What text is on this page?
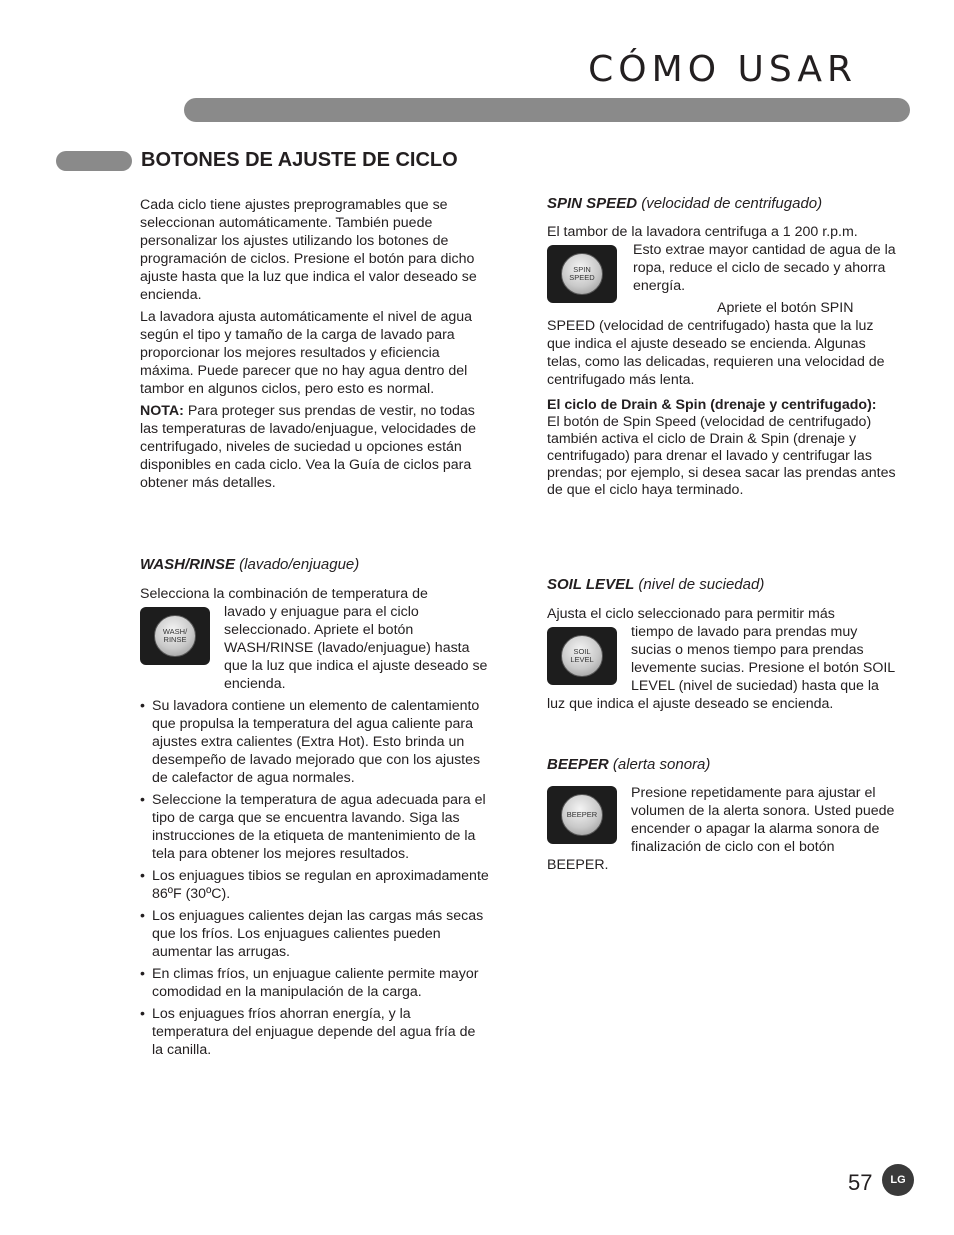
CÓMO USAR
BOTONES DE AJUSTE DE CICLO

Cada ciclo tiene ajustes preprogramables que se seleccionan automáticamente. También puede personalizar los ajustes utilizando los botones de programación de ciclos. Presione el botón para dicho ajuste hasta que la luz que indica el valor deseado se encienda.

La lavadora ajusta automáticamente el nivel de agua según el tipo y tamaño de la carga de lavado para proporcionar los mejores resultados y eficiencia máxima. Puede parecer que no hay agua dentro del tambor en algunos ciclos, pero esto es normal.

NOTA: Para proteger sus prendas de vestir, no todas las temperaturas de lavado/enjuague, velocidades de centrifugado, niveles de suciedad u opciones están disponibles en cada ciclo. Vea la Guía de ciclos para obtener más detalles.

WASH/RINSE (lavado/enjuague)

Selecciona la combinación de temperatura de

WASH/ RINSE

lavado y enjuague para el ciclo seleccionado. Apriete el botón WASH/RINSE (lavado/enjuague) hasta que la luz que indica el ajuste deseado se encienda.

• Su lavadora contiene un elemento de calentamiento que propulsa la temperatura del agua caliente para ajustes extra calientes (Extra Hot). Esto brinda un desempeño de lavado mejorado que con los ajustes de calefactor de agua normales.
• Seleccione la temperatura de agua adecuada para el tipo de carga que se encuentra lavando. Siga las instrucciones de la etiqueta de mantenimiento de la tela para obtener los mejores resultados.
• Los enjuagues tibios se regulan en aproximadamente 86ºF (30ºC).
• Los enjuagues calientes dejan las cargas más secas que los fríos. Los enjuagues calientes pueden aumentar las arrugas.
• En climas fríos, un enjuague caliente permite mayor comodidad en la manipulación de la carga.
• Los enjuagues fríos ahorran energía, y la temperatura del enjuague depende del agua fría de la canilla.
SPIN SPEED (velocidad de centrifugado)

El tambor de la lavadora centrifuga a 1 200 r.p.m.

SPIN SPEED

Esto extrae mayor cantidad de agua de la ropa, reduce el ciclo de secado y ahorra energía.

Apriete el botón SPIN SPEED (velocidad de centrifugado) hasta que la luz que indica el ajuste deseado se encienda. Algunas telas, como las delicadas, requieren una velocidad de centrifugado más lenta.

El ciclo de Drain & Spin (drenaje y centrifugado):

El botón de Spin Speed (velocidad de centrifugado) también activa el ciclo de Drain & Spin (drenaje y centrifugado) para drenar el lavado y centrifugar las prendas; por ejemplo, si desea sacar las prendas antes de que el ciclo haya terminado.

SOIL LEVEL (nivel de suciedad)

Ajusta el ciclo seleccionado para permitir más

SOIL LEVEL

tiempo de lavado para prendas muy sucias o menos tiempo para prendas levemente sucias. Presione el botón SOIL LEVEL (nivel de suciedad) hasta que la luz que indica el ajuste deseado se encienda.

BEEPER (alerta sonora)
BEEPER

Presione repetidamente para ajustar el volumen de la alerta sonora. Usted puede encender o apagar la alarma sonora de finalización de ciclo con el botón BEEPER.

57	LG
